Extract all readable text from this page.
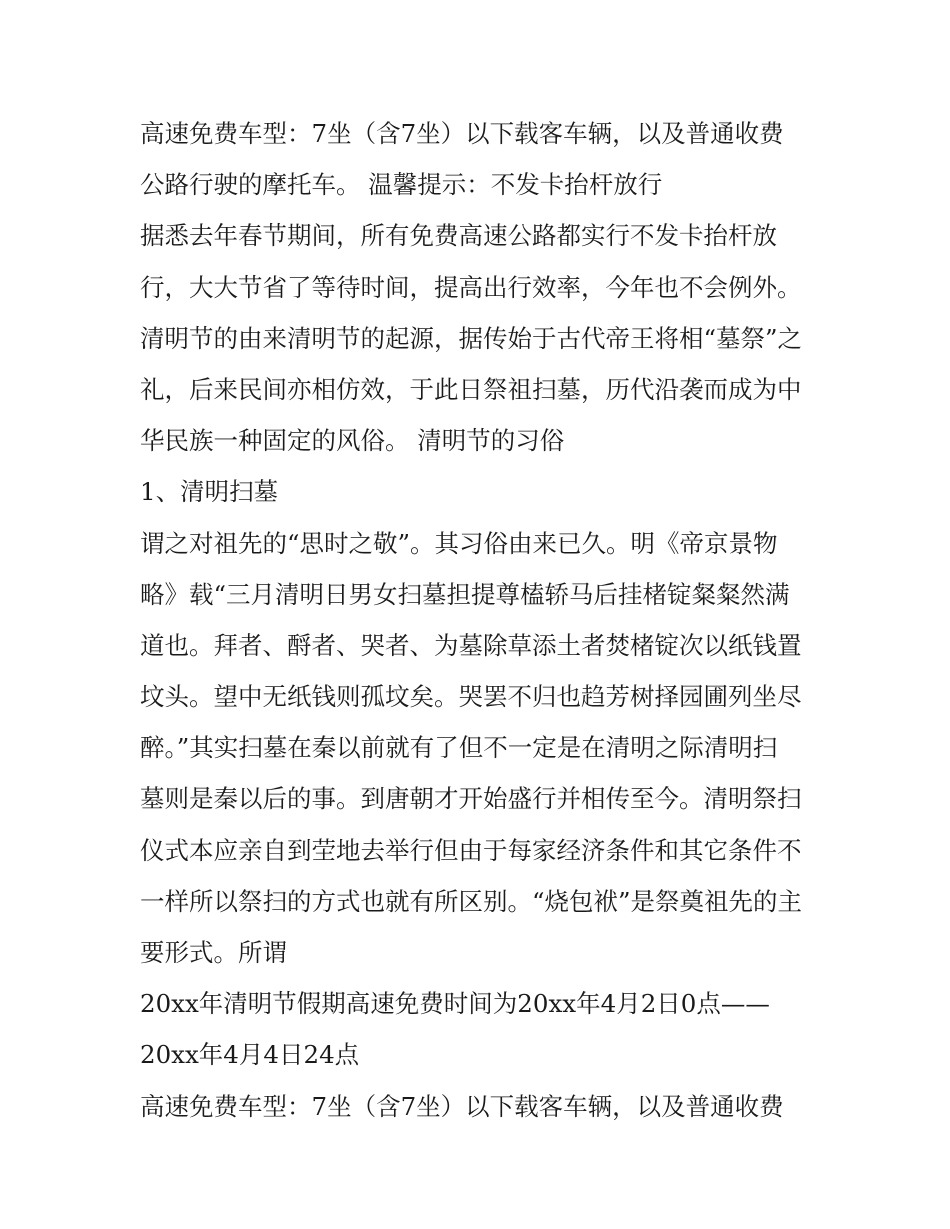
高速免费车型：7坐（含7坐）以下载客车辆，以及普通收费
公路行驶的摩托车。 温馨提示：不发卡抬杆放行
据悉去年春节期间，所有免费高速公路都实行不发卡抬杆放
行，大大节省了等待时间，提高出行效率，今年也不会例外。
清明节的由来清明节的起源，据传始于古代帝王将相“墓祭”之
礼，后来民间亦相仿效，于此日祭祖扫墓，历代沿袭而成为中
华民族一种固定的风俗。 清明节的习俗
1、清明扫墓
谓之对祖先的“思时之敬”。其习俗由来已久。明《帝京景物
略》载“三月清明日男女扫墓担提尊榼轿马后挂楮锭粲粲然满
道也。拜者、酹者、哭者、为墓除草添土者焚楮锭次以纸钱置
坟头。望中无纸钱则孤坟矣。哭罢不归也趋芳树择园圃列坐尽
醉。”其实扫墓在秦以前就有了但不一定是在清明之际清明扫
墓则是秦以后的事。到唐朝才开始盛行并相传至今。清明祭扫
仪式本应亲自到茔地去举行但由于每家经济条件和其它条件不
一样所以祭扫的方式也就有所区别。“烧包袱”是祭奠祖先的主
要形式。所谓
20xx年清明节假期高速免费时间为20xx年4月2日0点——
20xx年4月4日24点
高速免费车型：7坐（含7坐）以下载客车辆，以及普通收费
